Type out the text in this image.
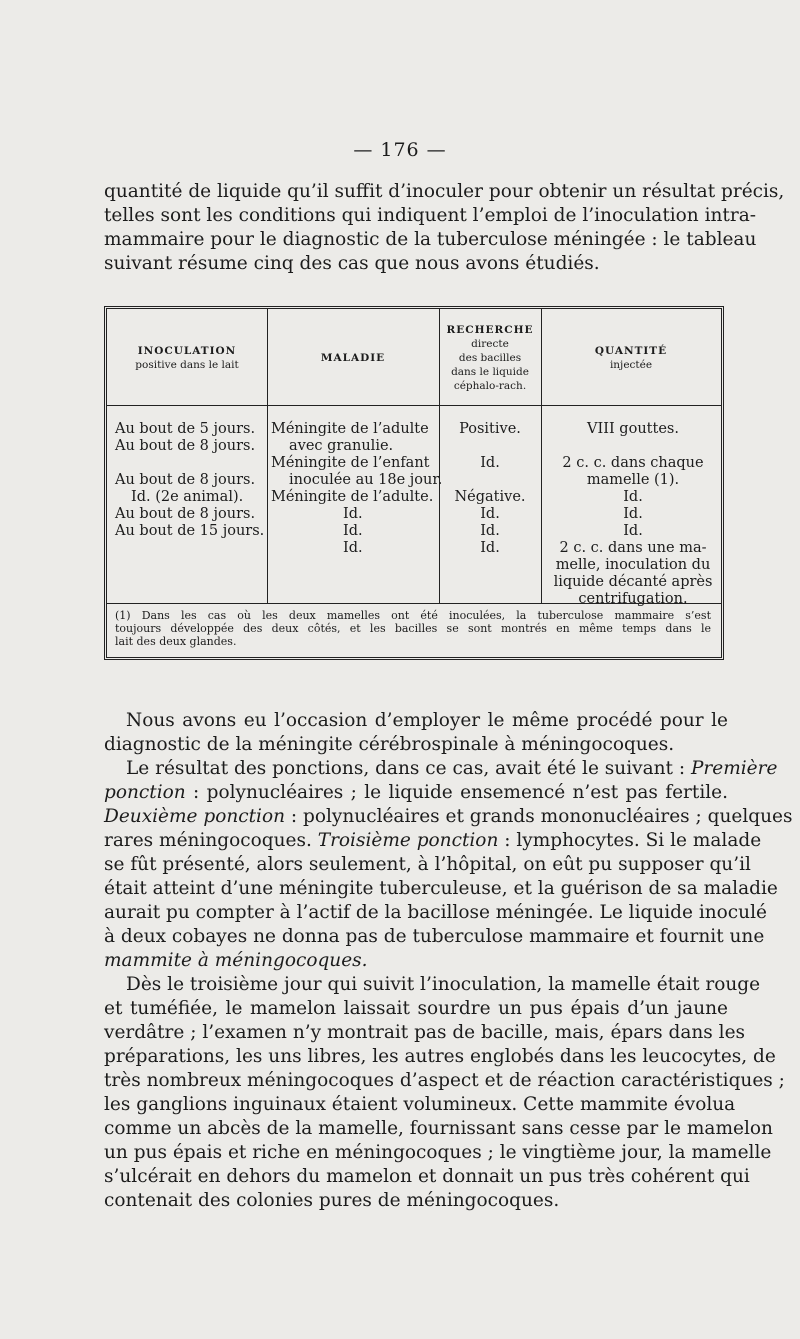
— 176 —
quantité de liquide qu’il suffit d’inoculer pour obtenir un résultat précis,
telles sont les conditions qui indiquent l’emploi de l’inoculation intra-
mammaire pour le diagnostic de la tuberculose méningée : le tableau
suivant résume cinq des cas que nous avons étudiés.
INOCULATION
positive dans le lait
MALADIE
RECHERCHE
directe
des bacilles
dans le liquide
céphalo-rach.
QUANTITÉ
injectée
Au bout de 5 jours.
Au bout de 8 jours.

Au bout de 8 jours.
Id. (2e animal).
Au bout de 8 jours.
Au bout de 15 jours.
Méningite de l’adulte
avec granulie.
Méningite de l’enfant
inoculée au 18e jour.
Méningite de l’adulte.
Id.
Id.
Id.
Positive.

Id.

Négative.
Id.
Id.
Id.
VIII gouttes.

2 c. c. dans chaque
mamelle (1).
Id.
Id.
Id.
2 c. c. dans une ma-
melle, inoculation du
liquide décanté après
centrifugation.
(1) Dans les cas où les deux mamelles ont été inoculées, la tuberculose mammaire s’est
toujours développée des deux côtés, et les bacilles se sont montrés en même temps dans le
lait des deux glandes.

Nous avons eu l’occasion d’employer le même procédé pour le
diagnostic de la méningite cérébrospinale à méningocoques.

Le résultat des ponctions, dans ce cas, avait été le suivant : Première
ponction : polynucléaires ; le liquide ensemencé n’est pas fertile.
Deuxième ponction : polynucléaires et grands mononucléaires ; quelques
rares méningocoques. Troisième ponction : lymphocytes. Si le malade
se fût présenté, alors seulement, à l’hôpital, on eût pu supposer qu’il
était atteint d’une méningite tuberculeuse, et la guérison de sa maladie
aurait pu compter à l’actif de la bacillose méningée. Le liquide inoculé
à deux cobayes ne donna pas de tuberculose mammaire et fournit une
mammite à méningocoques.

Dès le troisième jour qui suivit l’inoculation, la mamelle était rouge
et tuméfiée, le mamelon laissait sourdre un pus épais d’un jaune
verdâtre ; l’examen n’y montrait pas de bacille, mais, épars dans les
préparations, les uns libres, les autres englobés dans les leucocytes, de
très nombreux méningocoques d’aspect et de réaction caractéristiques ;
les ganglions inguinaux étaient volumineux. Cette mammite évolua
comme un abcès de la mamelle, fournissant sans cesse par le mamelon
un pus épais et riche en méningocoques ; le vingtième jour, la mamelle
s’ulcérait en dehors du mamelon et donnait un pus très cohérent qui
contenait des colonies pures de méningocoques.
